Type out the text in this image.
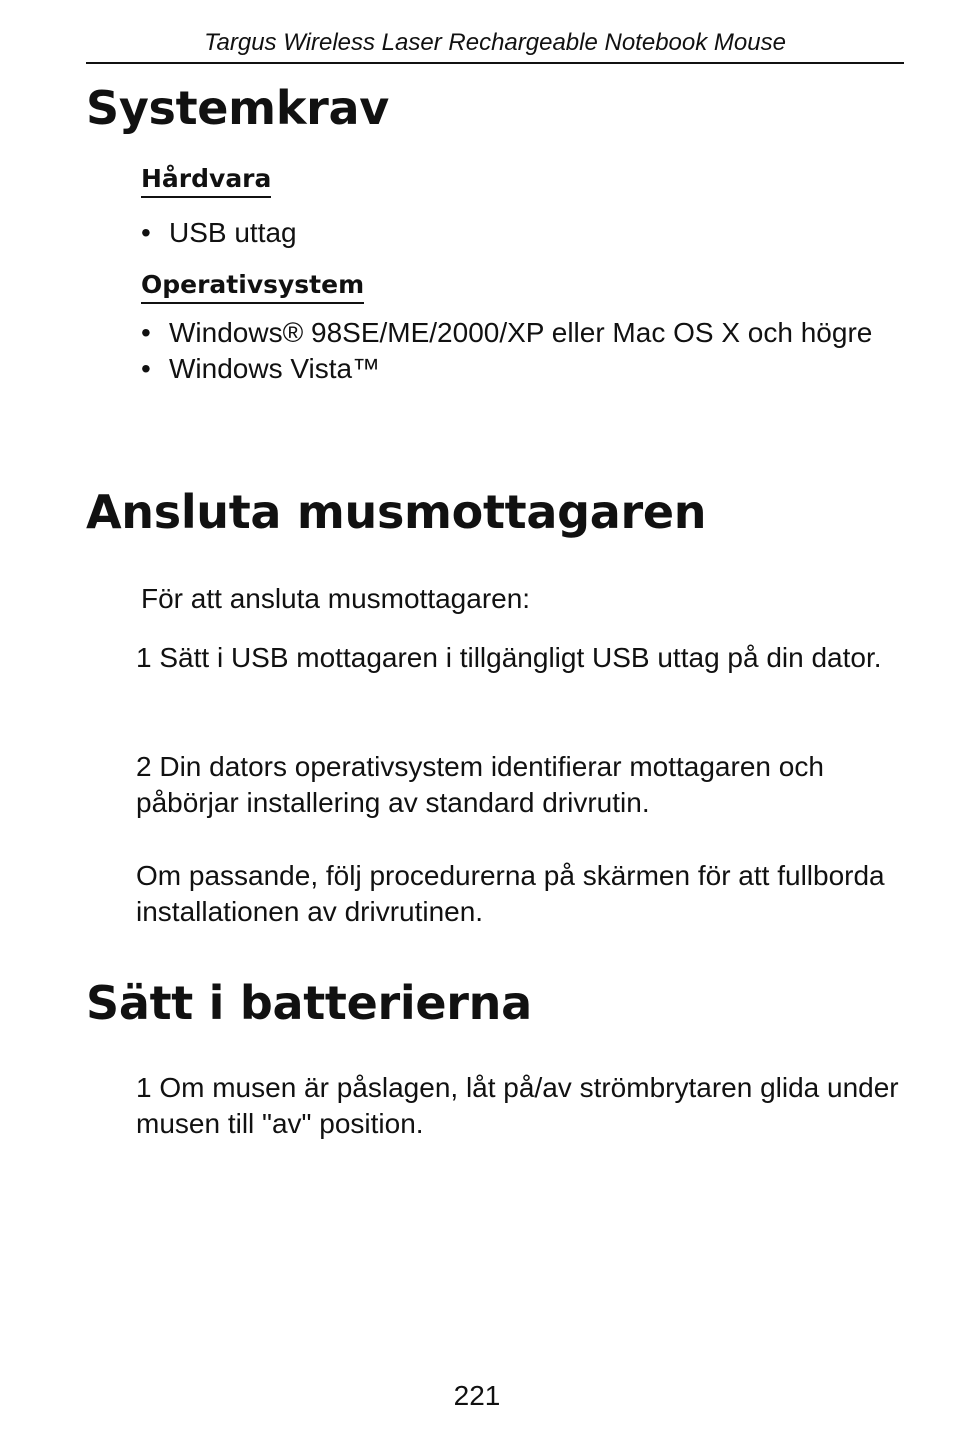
Targus Wireless Laser Rechargeable Notebook Mouse
Systemkrav
Hårdvara
• USB uttag
Operativsystem
• Windows® 98SE/ME/2000/XP eller Mac OS X och högre
• Windows Vista™
Ansluta musmottagaren

För att ansluta musmottagaren:

1 Sätt i USB mottagaren i tillgängligt USB uttag på din dator.

2 Din dators operativsystem identifierar mottagaren och påbörjar installering av standard drivrutin.

Om passande, följ procedurerna på skärmen för att fullborda installationen av drivrutinen.

Sätt i batterierna

1 Om musen är påslagen, låt på/av strömbrytaren glida under musen till "av" position.

221
